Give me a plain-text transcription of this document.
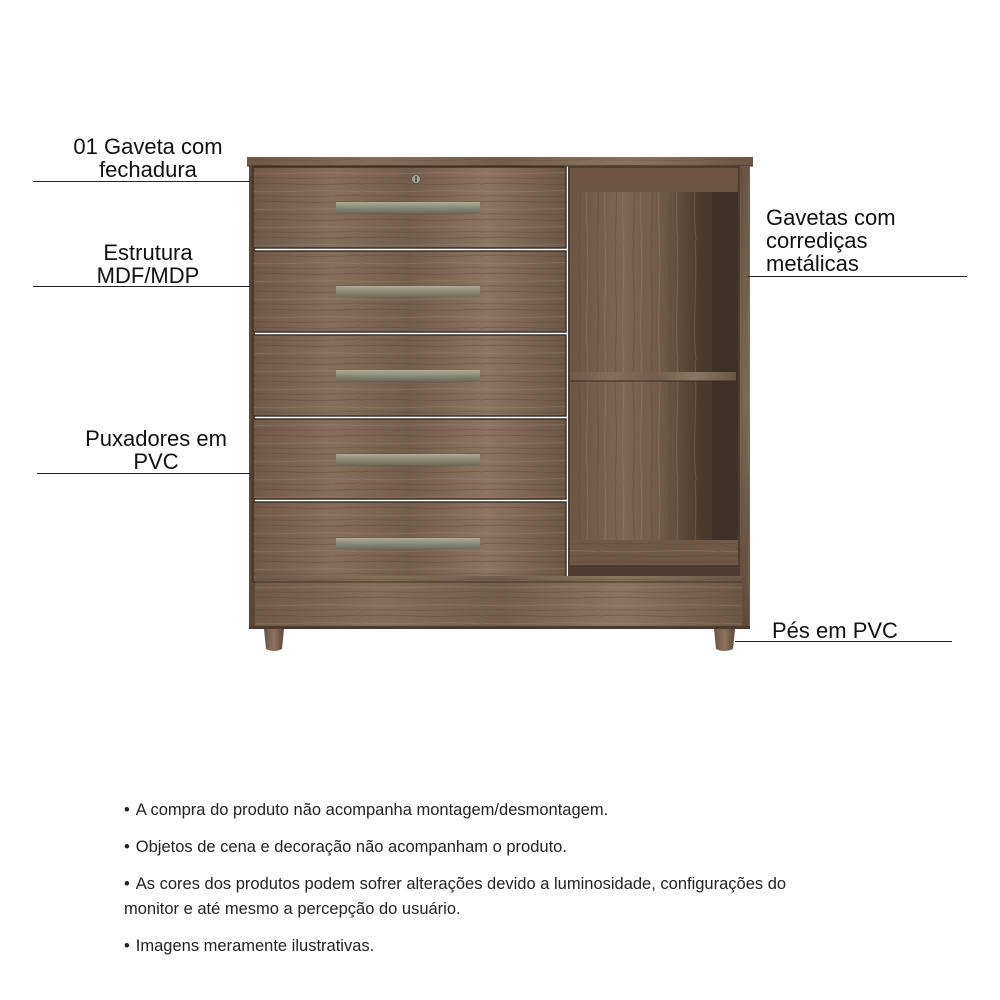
01 Gaveta com
fechadura
Estrutura
MDF/MDP
Puxadores em
PVC
Gavetas com
corrediças
metálicas
Pés em PVC
• A compra do produto não acompanha montagem/desmontagem.
• Objetos de cena e decoração não acompanham o produto.
• As cores dos produtos podem sofrer alterações devido a luminosidade, configurações do
monitor e até mesmo a percepção do usuário.
• Imagens meramente ilustrativas.
